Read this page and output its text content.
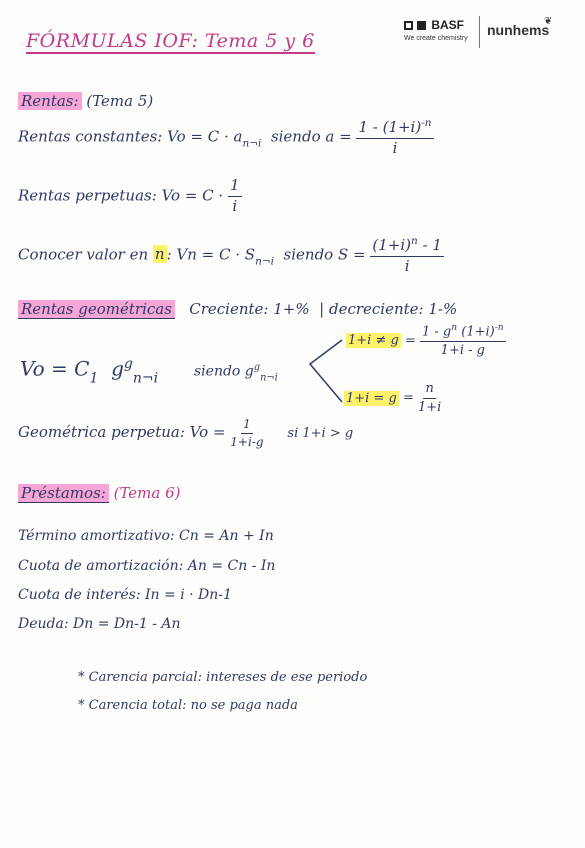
FÓRMULAS IOF: Tema 5 y 6
BASF
We create chemistry
nunhems
❦
Rentas: (Tema 5)
Rentas constantes: $Vo = C \cdot a_{n\neg i}$ siendo $a = \frac{1 - (1+i)^{-n}}{i}$
Rentas perpetuas: $Vo = C \cdot \frac{1}{i}$
Conocer valor en n : $Vn = C \cdot S_{n\neg i}$ siendo $S = \frac{(1+i)^n - 1}{i}$
Rentas geométricas Creciente: 1+% | decreciente: 1-%
$Vo = C_1$ $g^g_{n\neg i}$	siendo $g^g_{n\neg i}$
$1+i \ne g = \frac{1 - g^n (1+i)^{-n}}{1+i - g}$
$1+i = g = \frac{n}{1+i}$
Geométrica perpetua: $Vo = \frac{1}{1+i-g}$ si 1+i > g
Préstamos: (Tema 6)
Término amortizativo: Cn = An + In
Cuota de amortización: An = Cn - In
Cuota de interés: In = i · Dn-1
Deuda: Dn = Dn-1 - An
* Carencia parcial: intereses de ese periodo
* Carencia total: no se paga nada
